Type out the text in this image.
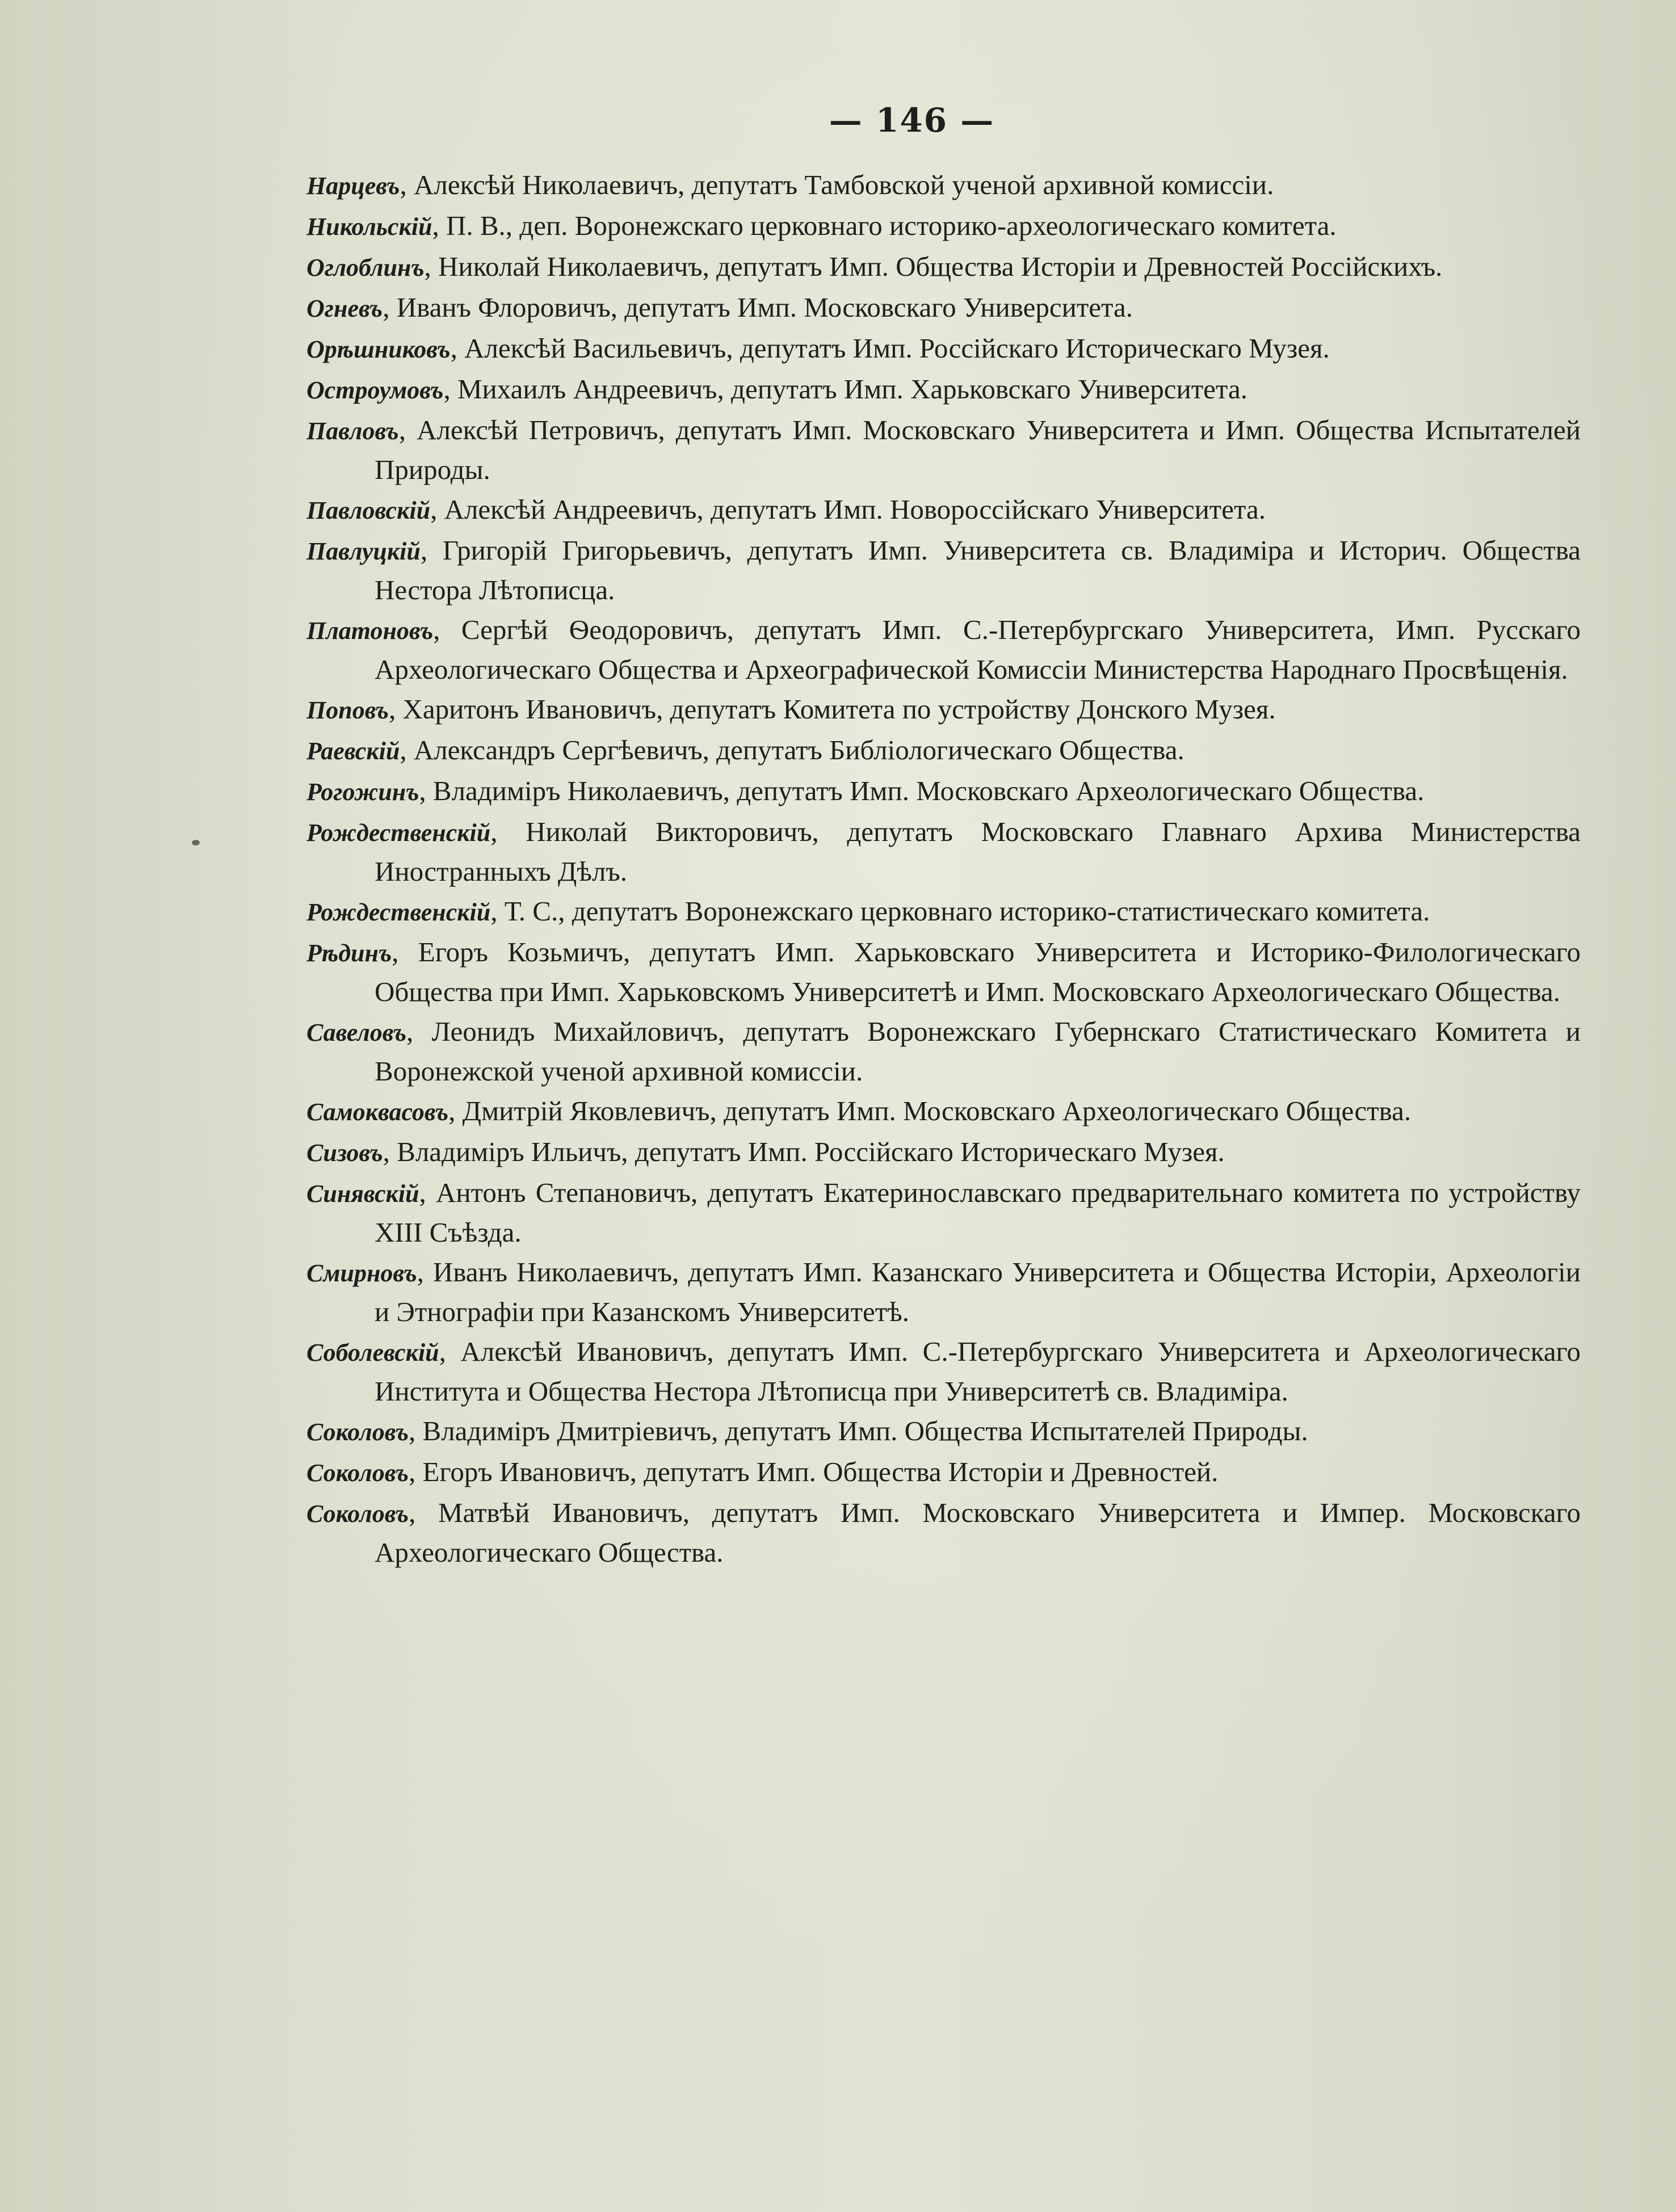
— 146 —
Нарцевъ, Алексѣй Николаевичъ, депутатъ Тамбовской ученой архивной комиссіи.
Никольскій, П. В., деп. Воронежскаго церковнаго историко-археологическаго комитета.
Оглоблинъ, Николай Николаевичъ, депутатъ Имп. Общества Исторіи и Древностей Россійскихъ.
Огневъ, Иванъ Флоровичъ, депутатъ Имп. Московскаго Университета.
Орѣшниковъ, Алексѣй Васильевичъ, депутатъ Имп. Россійскаго Историческаго Музея.
Остроумовъ, Михаилъ Андреевичъ, депутатъ Имп. Харьковскаго Университета.
Павловъ, Алексѣй Петровичъ, депутатъ Имп. Московскаго Университета и Имп. Общества Испытателей Природы.
Павловскій, Алексѣй Андреевичъ, депутатъ Имп. Новороссійскаго Университета.
Павлуцкій, Григорій Григорьевичъ, депутатъ Имп. Университета св. Владиміра и Историч. Общества Нестора Лѣтописца.
Платоновъ, Сергѣй Ѳеодоровичъ, депутатъ Имп. С.-Петербургскаго Университета, Имп. Русскаго Археологическаго Общества и Археографической Комиссіи Министерства Народнаго Просвѣщенія.
Поповъ, Харитонъ Ивановичъ, депутатъ Комитета по устройству Донского Музея.
Раевскій, Александръ Сергѣевичъ, депутатъ Библіологическаго Общества.
Рогожинъ, Владиміръ Николаевичъ, депутатъ Имп. Московскаго Археологическаго Общества.
Рождественскій, Николай Викторовичъ, депутатъ Московскаго Главнаго Архива Министерства Иностранныхъ Дѣлъ.
Рождественскій, Т. С., депутатъ Воронежскаго церковнаго историко-статистическаго комитета.
Рѣдинъ, Егоръ Козьмичъ, депутатъ Имп. Харьковскаго Университета и Историко-Филологическаго Общества при Имп. Харьковскомъ Университетѣ и Имп. Московскаго Археологическаго Общества.
Савеловъ, Леонидъ Михайловичъ, депутатъ Воронежскаго Губернскаго Статистическаго Комитета и Воронежской ученой архивной комиссіи.
Самоквасовъ, Дмитрій Яковлевичъ, депутатъ Имп. Московскаго Археологическаго Общества.
Сизовъ, Владиміръ Ильичъ, депутатъ Имп. Россійскаго Историческаго Музея.
Синявскій, Антонъ Степановичъ, депутатъ Екатеринославскаго предварительнаго комитета по устройству XIII Съѣзда.
Смирновъ, Иванъ Николаевичъ, депутатъ Имп. Казанскаго Университета и Общества Исторіи, Археологіи и Этнографіи при Казанскомъ Университетѣ.
Соболевскій, Алексѣй Ивановичъ, депутатъ Имп. С.-Петербургскаго Университета и Археологическаго Института и Общества Нестора Лѣтописца при Университетѣ св. Владиміра.
Соколовъ, Владиміръ Дмитріевичъ, депутатъ Имп. Общества Испытателей Природы.
Соколовъ, Егоръ Ивановичъ, депутатъ Имп. Общества Исторіи и Древностей.
Соколовъ, Матвѣй Ивановичъ, депутатъ Имп. Московскаго Университета и Импер. Московскаго Археологическаго Общества.
